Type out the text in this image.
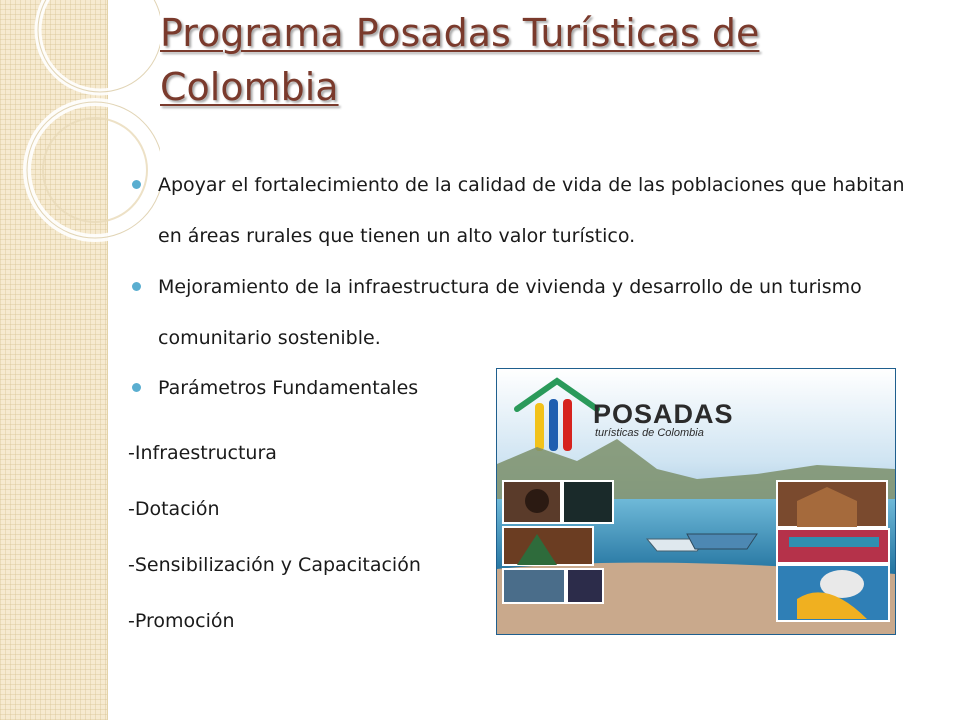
Programa Posadas Turísticas de Colombia
Apoyar el fortalecimiento de la calidad de vida de las poblaciones que habitan en áreas rurales que tienen un alto valor turístico.
Mejoramiento de la infraestructura de vivienda y desarrollo de un turismo comunitario sostenible.
Parámetros Fundamentales
-Infraestructura
-Dotación
-Sensibilización y Capacitación
-Promoción
POSADAS
turísticas de Colombia
